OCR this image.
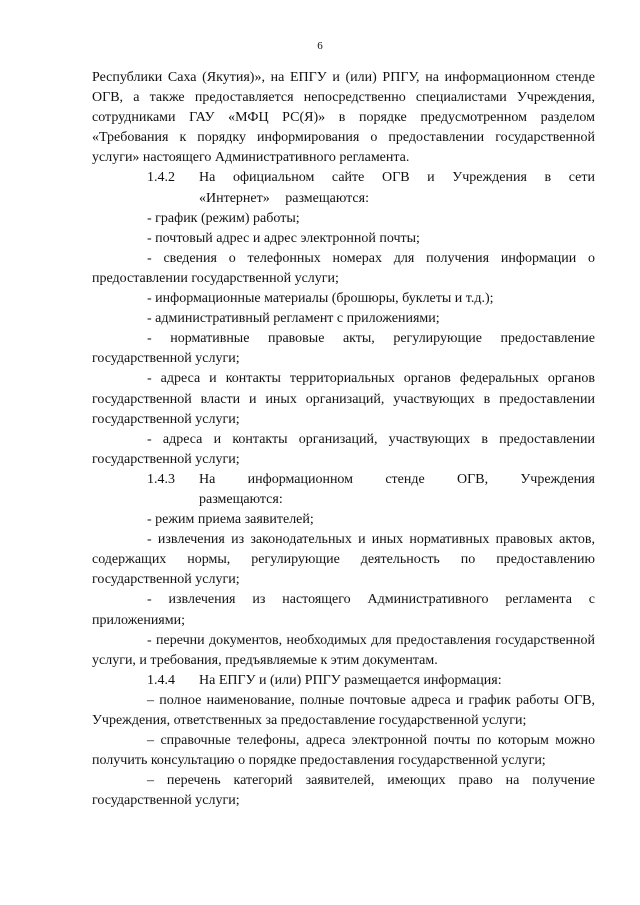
6

Республики Саха (Якутия)», на ЕПГУ и (или) РПГУ, на информационном стенде ОГВ, а также предоставляется непосредственно специалистами Учреждения, сотрудниками ГАУ «МФЦ РС(Я)» в порядке предусмотренном разделом «Требования к порядку информирования о предоставлении государственной услуги» настоящего Административного регламента.

1.4.2	На официальном сайте ОГВ и Учреждения в сети «Интернет» размещаются:

- график (режим) работы;

- почтовый адрес и адрес электронной почты;

- сведения о телефонных номерах для получения информации о предоставлении государственной услуги;

- информационные материалы (брошюры, буклеты и т.д.);

- административный регламент с приложениями;

- нормативные правовые акты, регулирующие предоставление государственной услуги;

- адреса и контакты территориальных органов федеральных органов государственной власти и иных организаций, участвующих в предоставлении государственной услуги;

- адреса и контакты организаций, участвующих в предоставлении государственной услуги;

1.4.3	На информационном стенде ОГВ, Учреждения размещаются:

- режим приема заявителей;

- извлечения из законодательных и иных нормативных правовых актов, содержащих нормы, регулирующие деятельность по предоставлению государственной услуги;

- извлечения из настоящего Административного регламента с приложениями;

- перечни документов, необходимых для предоставления государственной услуги, и требования, предъявляемые к этим документам.

1.4.4	На ЕПГУ и (или) РПГУ размещается информация:

– полное наименование, полные почтовые адреса и график работы ОГВ, Учреждения, ответственных за предоставление государственной услуги;

– справочные телефоны, адреса электронной почты по которым можно получить консультацию о порядке предоставления государственной услуги;

– перечень категорий заявителей, имеющих право на получение государственной услуги;
